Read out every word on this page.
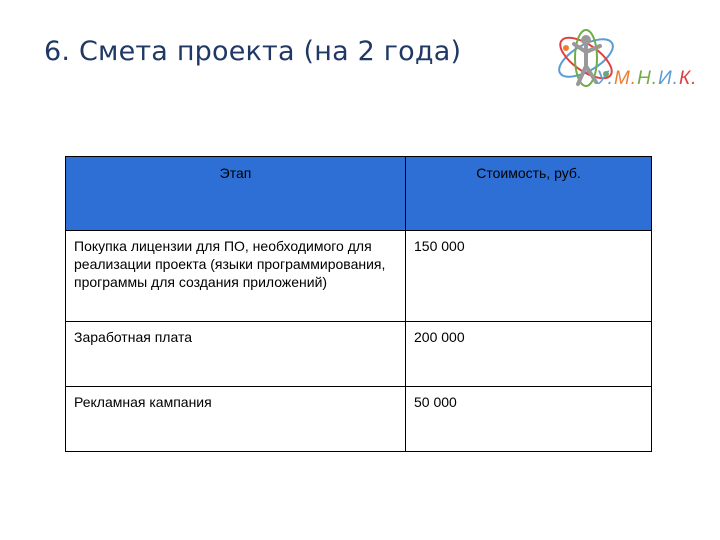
6. Смета проекта (на 2 года)
У.М.Н.И.К.
Этап	Стоимость, руб.
Покупка лицензии для ПО, необходимого для реализации проекта (языки программирования, программы для создания приложений)	150 000
Заработная плата	200 000
Рекламная кампания	50 000
